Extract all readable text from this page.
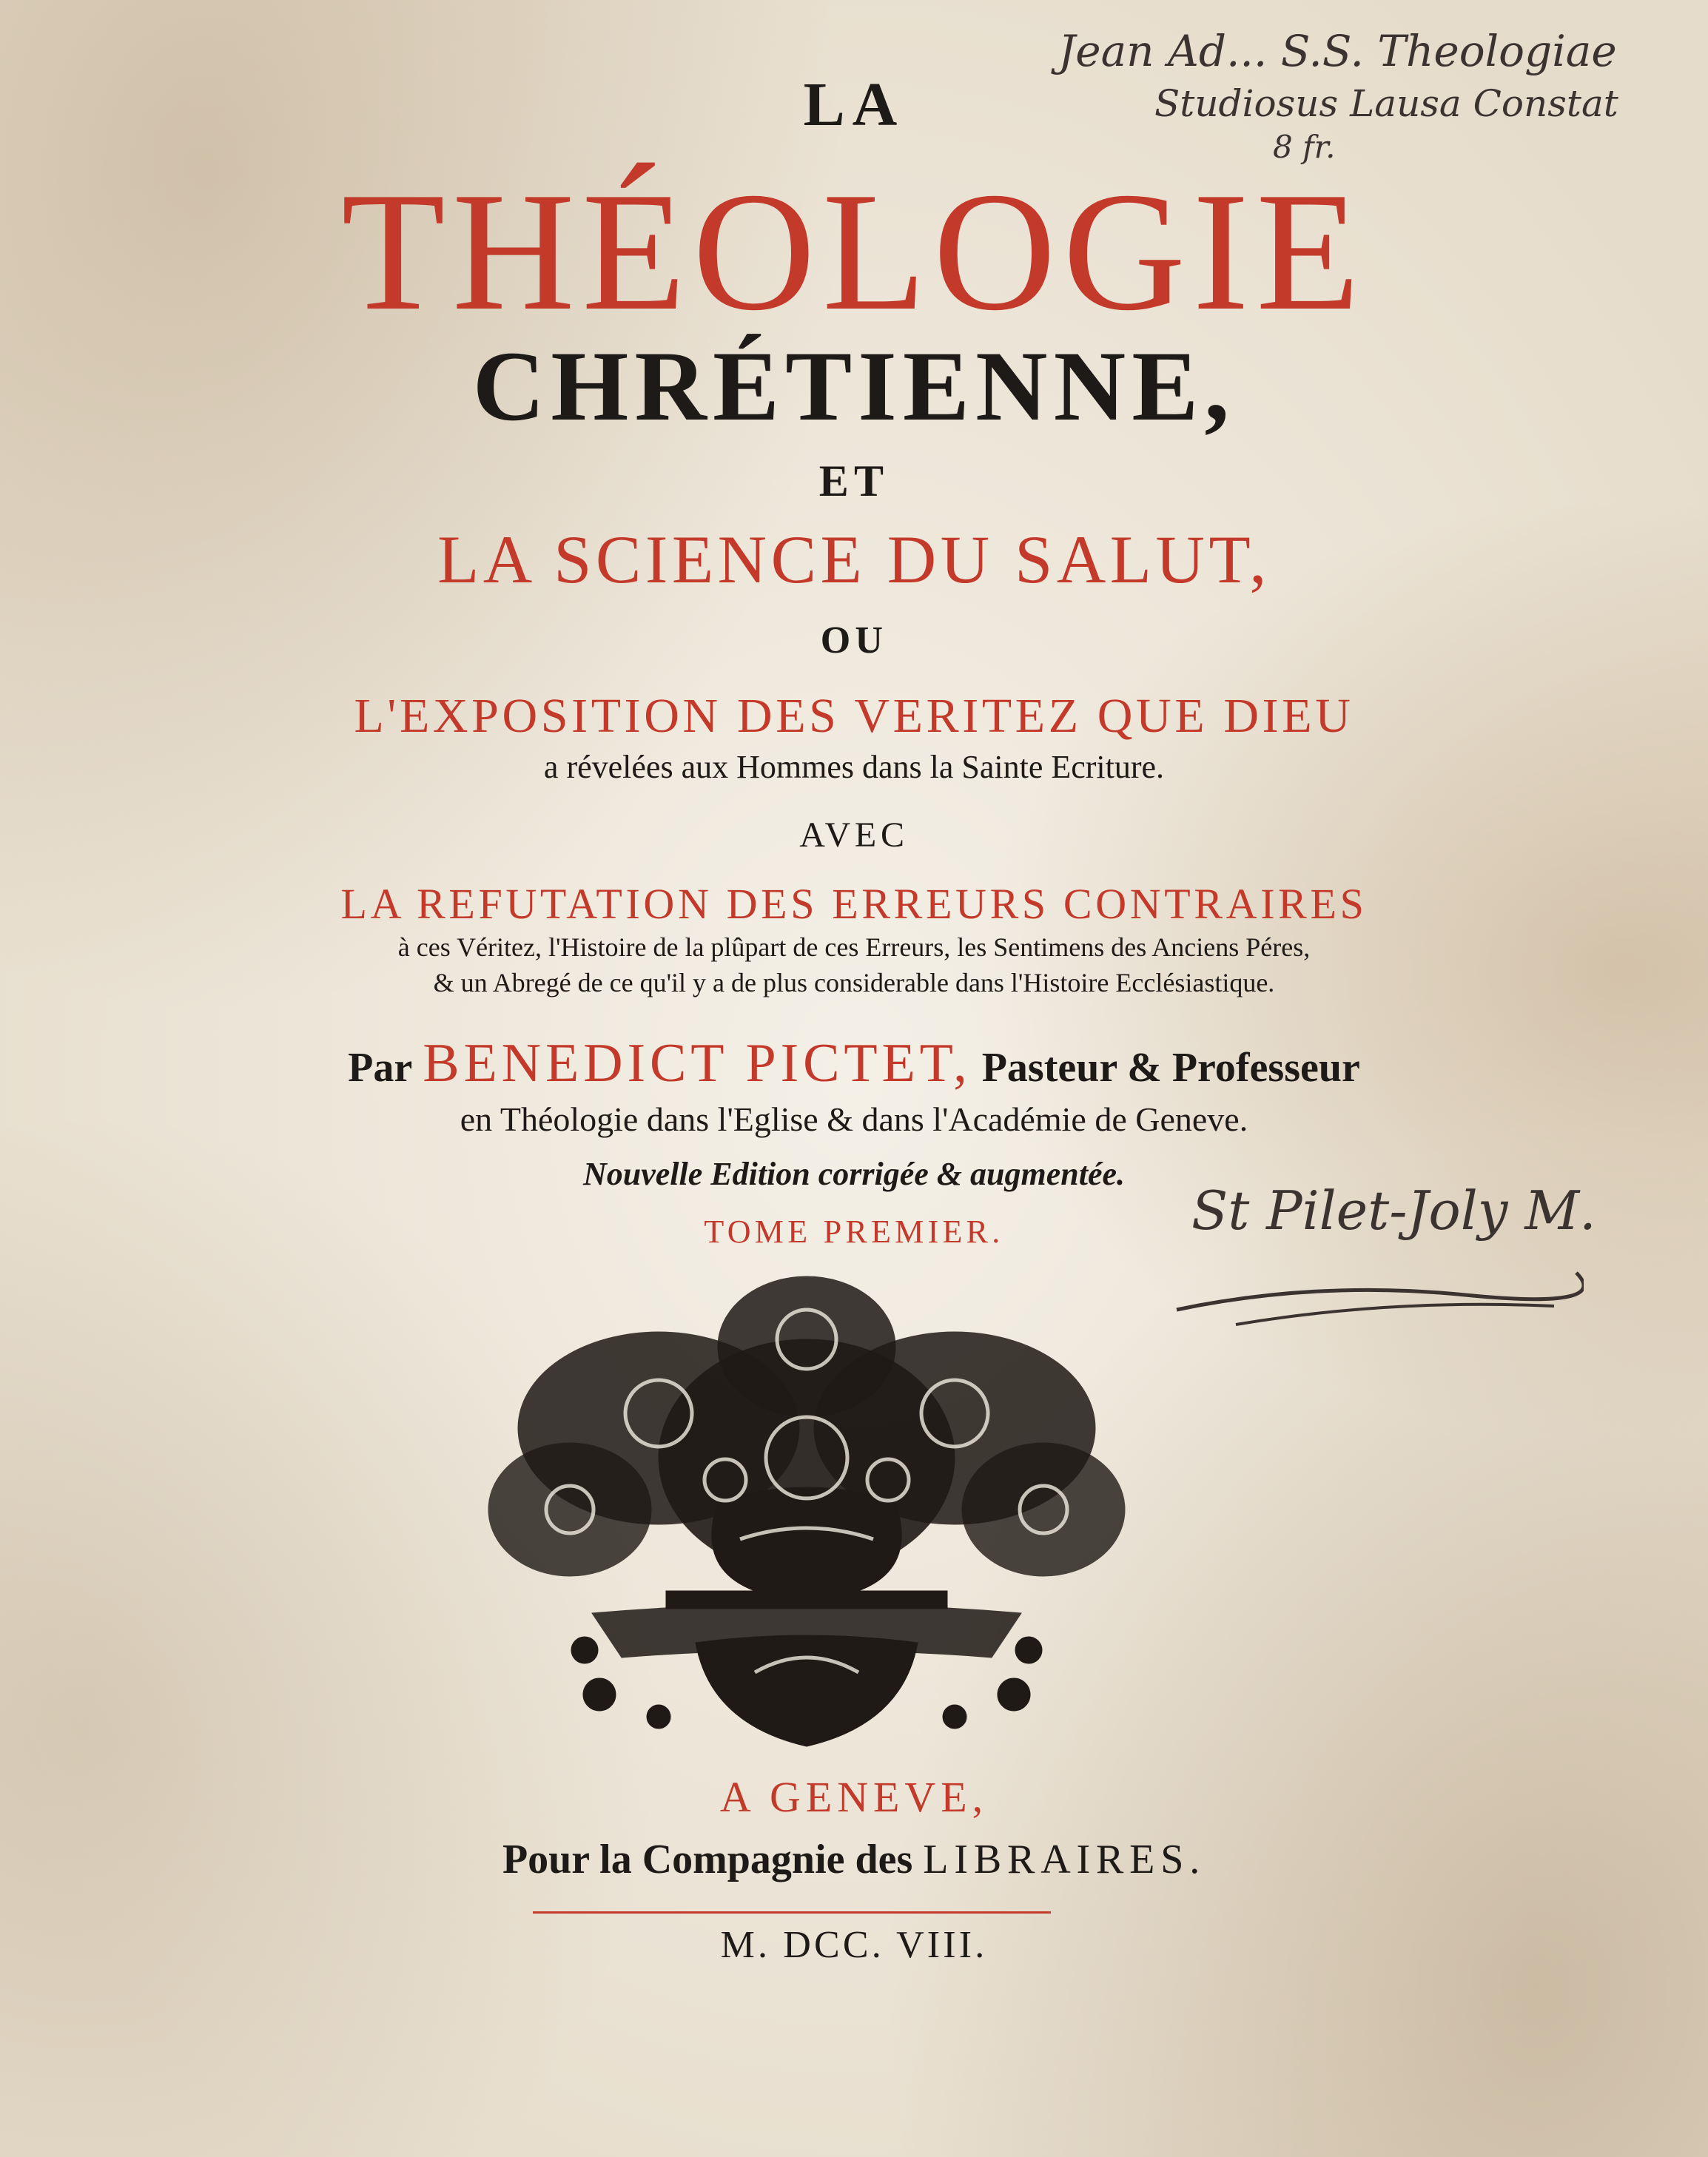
LA
THÉOLOGIE
CHRÉTIENNE,
ET
LA SCIENCE DU SALUT,
OU
L'EXPOSITION DES VERITEZ QUE DIEU
a révelées aux Hommes dans la Sainte Ecriture.
AVEC
LA REFUTATION DES ERREURS CONTRAIRES
à ces Véritez, l'Histoire de la plûpart de ces Erreurs, les Sentimens des Anciens Péres,
& un Abregé de ce qu'il y a de plus considerable dans l'Histoire Ecclésiastique.
Par BENEDICT PICTET, Pasteur & Professeur
en Théologie dans l'Eglise & dans l'Académie de Geneve.
Nouvelle Edition corrigée & augmentée.
TOME PREMIER.
A GENEVE,
Pour la Compagnie des LIBRAIRES.
M. DCC. VIII.
Jean Ad... S.S. Theologiae
Studiosus Lausa Constat
8 fr.
St Pilet-Joly M.
